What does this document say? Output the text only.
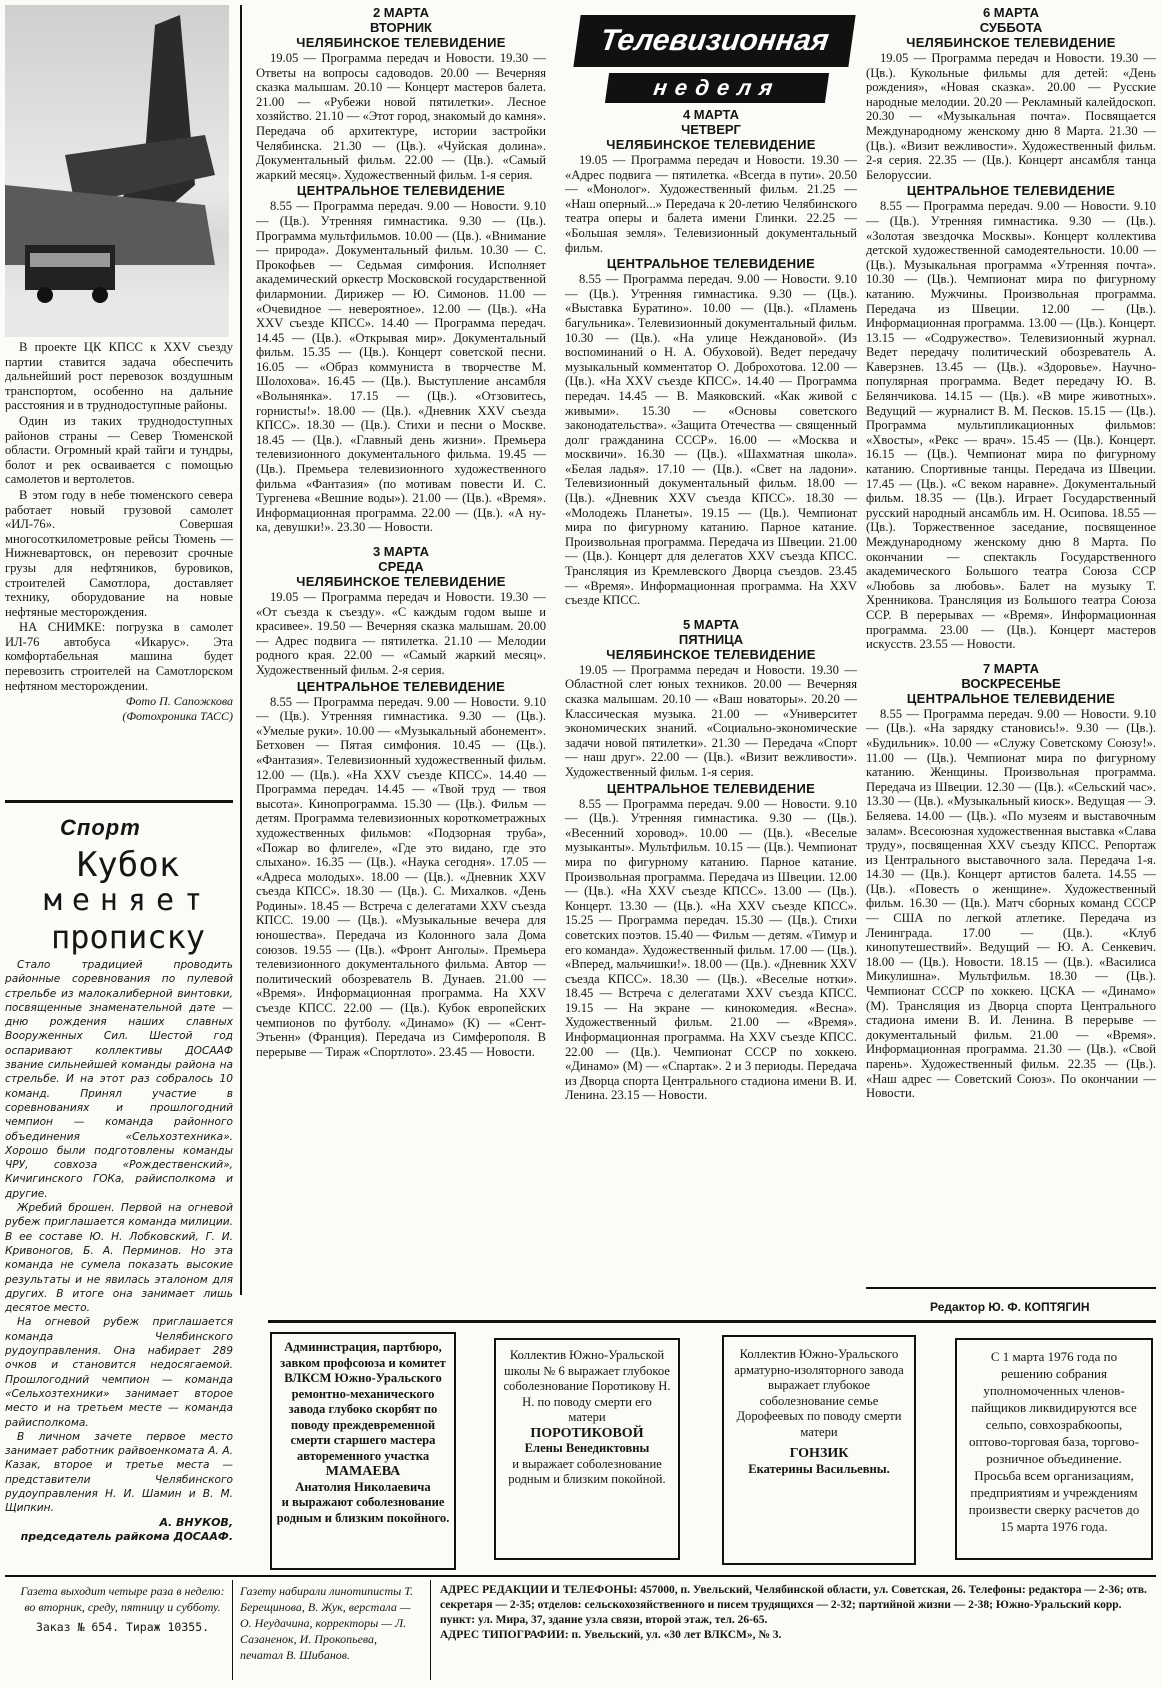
В проекте ЦК КПСС к XXV съезду партии ставится задача обеспечить дальнейший рост перевозок воздушным транспортом, особенно на дальние расстояния и в труднодоступные районы.

Один из таких труднодоступных районов страны — Север Тюменской области. Огромный край тайги и тундры, болот и рек осваивается с помощью самолетов и вертолетов.

В этом году в небе тюменского севера работает новый грузовой самолет «ИЛ-76». Совершая многосоткилометровые рейсы Тюмень — Нижневартовск, он перевозит срочные грузы для нефтяников, буровиков, строителей Самотлора, доставляет технику, оборудование на новые нефтяные месторождения.

НА СНИМКЕ: погрузка в самолет ИЛ-76 автобуса «Икарус». Эта комфортабельная машина будет перевозить строителей на Самотлорском нефтяном месторождении.

Фото П. Сапожкова
(Фотохроника ТАСС)
Спорт
Кубок
меняет
прописку

Стало традицией проводить районные соревнования по пулевой стрельбе из малокалиберной винтовки, посвященные знаменательной дате — дню рождения наших славных Вооруженных Сил. Шестой год оспаривают коллективы ДОСААФ звание сильнейшей команды района на стрельбе. И на этот раз собралось 10 команд. Принял участие в соревнованиях и прошлогодний чемпион — команда районного объединения «Сельхозтехника». Хорошо были подготовлены команды ЧРУ, совхоза «Рождественский», Кичигинского ГОКа, райисполкома и другие.

Жребий брошен. Первой на огневой рубеж приглашается команда милиции. В ее составе Ю. Н. Лобковский, Г. И. Кривоногов, Б. А. Перминов. Но эта команда не сумела показать высокие результаты и не явилась эталоном для других. В итоге она занимает лишь десятое место.

На огневой рубеж приглашается команда Челябинского рудоуправления. Она набирает 289 очков и становится недосягаемой. Прошлогодний чемпион — команда «Сельхозтехники» занимает второе место и на третьем месте — команда райисполкома.

В личном зачете первое место занимает работник райвоенкомата А. А. Казак, второе и третье места — представители Челябинского рудоуправления Н. И. Шамин и В. М. Щипкин.

А. ВНУКОВ,
председатель райкома ДОСААФ.
2 МАРТА
ВТОРНИК
ЧЕЛЯБИНСКОЕ ТЕЛЕВИДЕНИЕ

19.05 — Программа передач и Новости. 19.30 — Ответы на вопросы садоводов. 20.00 — Вечерняя сказка малышам. 20.10 — Концерт мастеров балета. 21.00 — «Рубежи новой пятилетки». Лесное хозяйство. 21.10 — «Этот город, знакомый до камня». Передача об архитектуре, истории застройки Челябинска. 21.30 — (Цв.). «Чуйская долина». Документальный фильм. 22.00 — (Цв.). «Самый жаркий месяц». Художественный фильм. 1-я серия.

ЦЕНТРАЛЬНОЕ ТЕЛЕВИДЕНИЕ

8.55 — Программа передач. 9.00 — Новости. 9.10 — (Цв.). Утренняя гимнастика. 9.30 — (Цв.). Программа мультфильмов. 10.00 — (Цв.). «Внимание — природа». Документальный фильм. 10.30 — С. Прокофьев — Седьмая симфония. Исполняет академический оркестр Московской государственной филармонии. Дирижер — Ю. Симонов. 11.00 — «Очевидное — невероятное». 12.00 — (Цв.). «На XXV съезде КПСС». 14.40 — Программа передач. 14.45 — (Цв.). «Открывая мир». Документальный фильм. 15.35 — (Цв.). Концерт советской песни. 16.05 — «Образ коммуниста в творчестве М. Шолохова». 16.45 — (Цв.). Выступление ансамбля «Волынянка». 17.15 — (Цв.). «Отзовитесь, горнисты!». 18.00 — (Цв.). «Дневник XXV съезда КПСС». 18.30 — (Цв.). Стихи и песни о Москве. 18.45 — (Цв.). «Главный день жизни». Премьера телевизионного документального фильма. 19.45 — (Цв.). Премьера телевизионного художественного фильма «Фантазия» (по мотивам повести И. С. Тургенева «Вешние воды»). 21.00 — (Цв.). «Время». Информационная программа. 22.00 — (Цв.). «А ну-ка, девушки!». 23.30 — Новости.

3 МАРТА
СРЕДА
ЧЕЛЯБИНСКОЕ ТЕЛЕВИДЕНИЕ

19.05 — Программа передач и Новости. 19.30 — «От съезда к съезду». «С каждым годом выше и красивее». 19.50 — Вечерняя сказка малышам. 20.00 — Адрес подвига — пятилетка. 21.10 — Мелодии родного края. 22.00 — «Самый жаркий месяц». Художественный фильм. 2-я серия.

ЦЕНТРАЛЬНОЕ ТЕЛЕВИДЕНИЕ

8.55 — Программа передач. 9.00 — Новости. 9.10 — (Цв.). Утренняя гимнастика. 9.30 — (Цв.). «Умелые руки». 10.00 — «Музыкальный абонемент». Бетховен — Пятая симфония. 10.45 — (Цв.). «Фантазия». Телевизионный художественный фильм. 12.00 — (Цв.). «На XXV съезде КПСС». 14.40 — Программа передач. 14.45 — «Твой труд — твоя высота». Кинопрограмма. 15.30 — (Цв.). Фильм — детям. Программа телевизионных короткометражных художественных фильмов: «Подзорная труба», «Пожар во флигеле», «Где это видано, где это слыхано». 16.35 — (Цв.). «Наука сегодня». 17.05 — «Адреса молодых». 18.00 — (Цв.). «Дневник XXV съезда КПСС». 18.30 — (Цв.). С. Михалков. «День Родины». 18.45 — Встреча с делегатами XXV съезда КПСС. 19.00 — (Цв.). «Музыкальные вечера для юношества». Передача из Колонного зала Дома союзов. 19.55 — (Цв.). «Фронт Анголы». Премьера телевизионного документального фильма. Автор — политический обозреватель В. Дунаев. 21.00 — «Время». Информационная программа. На XXV съезде КПСС. 22.00 — (Цв.). Кубок европейских чемпионов по футболу. «Динамо» (К) — «Сент-Этьенн» (Франция). Передача из Симферополя. В перерыве — Тираж «Спортлото». 23.45 — Новости.

Телевизионная
неделя
4 МАРТА
ЧЕТВЕРГ
ЧЕЛЯБИНСКОЕ ТЕЛЕВИДЕНИЕ

19.05 — Программа передач и Новости. 19.30 — «Адрес подвига — пятилетка. «Всегда в пути». 20.50 — «Монолог». Художественный фильм. 21.25 — «Наш оперный...» Передача к 20-летию Челябинского театра оперы и балета имени Глинки. 22.25 — «Большая земля». Телевизионный документальный фильм.

ЦЕНТРАЛЬНОЕ ТЕЛЕВИДЕНИЕ

8.55 — Программа передач. 9.00 — Новости. 9.10 — (Цв.). Утренняя гимнастика. 9.30 — (Цв.). «Выставка Буратино». 10.00 — (Цв.). «Пламень багульника». Телевизионный документальный фильм. 10.30 — (Цв.). «На улице Неждановой». (Из воспоминаний о Н. А. Обуховой). Ведет передачу музыкальный комментатор О. Доброхотова. 12.00 — (Цв.). «На XXV съезде КПСС». 14.40 — Программа передач. 14.45 — В. Маяковский. «Как живой с живыми». 15.30 — «Основы советского законодательства». «Защита Отечества — священный долг гражданина СССР». 16.00 — «Москва и москвичи». 16.30 — (Цв.). «Шахматная школа». «Белая ладья». 17.10 — (Цв.). «Свет на ладони». Телевизионный документальный фильм. 18.00 — (Цв.). «Дневник XXV съезда КПСС». 18.30 — «Молодежь Планеты». 19.15 — (Цв.). Чемпионат мира по фигурному катанию. Парное катание. Произвольная программа. Передача из Швеции. 21.00 — (Цв.). Концерт для делегатов XXV съезда КПСС. Трансляция из Кремлевского Дворца съездов. 23.45 — «Время». Информационная программа. На XXV съезде КПСС.

5 МАРТА
ПЯТНИЦА
ЧЕЛЯБИНСКОЕ ТЕЛЕВИДЕНИЕ

19.05 — Программа передач и Новости. 19.30 — Областной слет юных техников. 20.00 — Вечерняя сказка малышам. 20.10 — «Ваш новаторы». 20.20 — Классическая музыка. 21.00 — «Университет экономических знаний. «Социально-экономические задачи новой пятилетки». 21.30 — Передача «Спорт — наш друг». 22.00 — (Цв.). «Визит вежливости». Художественный фильм. 1-я серия.

ЦЕНТРАЛЬНОЕ ТЕЛЕВИДЕНИЕ

8.55 — Программа передач. 9.00 — Новости. 9.10 — (Цв.). Утренняя гимнастика. 9.30 — (Цв.). «Весенний хоровод». 10.00 — (Цв.). «Веселые музыканты». Мультфильм. 10.15 — (Цв.). Чемпионат мира по фигурному катанию. Парное катание. Произвольная программа. Передача из Швеции. 12.00 — (Цв.). «На XXV съезде КПСС». 13.00 — (Цв.). Концерт. 13.30 — (Цв.). «На XXV съезде КПСС». 15.25 — Программа передач. 15.30 — (Цв.). Стихи советских поэтов. 15.40 — Фильм — детям. «Тимур и его команда». Художественный фильм. 17.00 — (Цв.). «Вперед, мальчишки!». 18.00 — (Цв.). «Дневник XXV съезда КПСС». 18.30 — (Цв.). «Веселые нотки». 18.45 — Встреча с делегатами XXV съезда КПСС. 19.15 — На экране — кинокомедия. «Весна». Художественный фильм. 21.00 — «Время». Информационная программа. На XXV съезде КПСС. 22.00 — (Цв.). Чемпионат СССР по хоккею. «Динамо» (М) — «Спартак». 2 и 3 периоды. Передача из Дворца спорта Центрального стадиона имени В. И. Ленина. 23.15 — Новости.

6 МАРТА
СУББОТА
ЧЕЛЯБИНСКОЕ ТЕЛЕВИДЕНИЕ

19.05 — Программа передач и Новости. 19.30 — (Цв.). Кукольные фильмы для детей: «День рождения», «Новая сказка». 20.00 — Русские народные мелодии. 20.20 — Рекламный калейдоскоп. 20.30 — «Музыкальная почта». Посвящается Международному женскому дню 8 Марта. 21.30 — (Цв.). «Визит вежливости». Художественный фильм. 2-я серия. 22.35 — (Цв.). Концерт ансамбля танца Белоруссии.

ЦЕНТРАЛЬНОЕ ТЕЛЕВИДЕНИЕ

8.55 — Программа передач. 9.00 — Новости. 9.10 — (Цв.). Утренняя гимнастика. 9.30 — (Цв.). «Золотая звездочка Москвы». Концерт коллектива детской художественной самодеятельности. 10.00 — (Цв.). Музыкальная программа «Утренняя почта». 10.30 — (Цв.). Чемпионат мира по фигурному катанию. Мужчины. Произвольная программа. Передача из Швеции. 12.00 — (Цв.). Информационная программа. 13.00 — (Цв.). Концерт. 13.15 — «Содружество». Телевизионный журнал. Ведет передачу политический обозреватель А. Каверзнев. 13.45 — (Цв.). «Здоровье». Научно-популярная программа. Ведет передачу Ю. В. Белянчикова. 14.15 — (Цв.). «В мире животных». Ведущий — журналист В. М. Песков. 15.15 — (Цв.). Программа мультипликационных фильмов: «Хвосты», «Рекс — врач». 15.45 — (Цв.). Концерт. 16.15 — (Цв.). Чемпионат мира по фигурному катанию. Спортивные танцы. Передача из Швеции. 17.45 — (Цв.). «С веком наравне». Документальный фильм. 18.35 — (Цв.). Играет Государственный русский народный ансамбль им. Н. Осипова. 18.55 — (Цв.). Торжественное заседание, посвященное Международному женскому дню 8 Марта. По окончании — спектакль Государственного академического Большого театра Союза ССР «Любовь за любовь». Балет на музыку Т. Хренникова. Трансляция из Большого театра Союза ССР. В перерывах — «Время». Информационная программа. 23.00 — (Цв.). Концерт мастеров искусств. 23.55 — Новости.

7 МАРТА
ВОСКРЕСЕНЬЕ
ЦЕНТРАЛЬНОЕ ТЕЛЕВИДЕНИЕ

8.55 — Программа передач. 9.00 — Новости. 9.10 — (Цв.). «На зарядку становись!». 9.30 — (Цв.). «Будильник». 10.00 — «Служу Советскому Союзу!». 11.00 — (Цв.). Чемпионат мира по фигурному катанию. Женщины. Произвольная программа. Передача из Швеции. 12.30 — (Цв.). «Сельский час». 13.30 — (Цв.). «Музыкальный киоск». Ведущая — Э. Беляева. 14.00 — (Цв.). «По музеям и выставочным залам». Всесоюзная художественная выставка «Слава труду», посвященная XXV съезду КПСС. Репортаж из Центрального выставочного зала. Передача 1-я. 14.30 — (Цв.). Концерт артистов балета. 14.55 — (Цв.). «Повесть о женщине». Художественный фильм. 16.30 — (Цв.). Матч сборных команд СССР — США по легкой атлетике. Передача из Ленинграда. 17.00 — (Цв.). «Клуб кинопутешествий». Ведущий — Ю. А. Сенкевич. 18.00 — (Цв.). Новости. 18.15 — (Цв.). «Василиса Микулишна». Мультфильм. 18.30 — (Цв.). Чемпионат СССР по хоккею. ЦСКА — «Динамо» (М). Трансляция из Дворца спорта Центрального стадиона имени В. И. Ленина. В перерыве — документальный фильм. 21.00 — «Время». Информационная программа. 21.30 — (Цв.). «Свой парень». Художественный фильм. 22.35 — (Цв.). «Наш адрес — Советский Союз». По окончании — Новости.

Редактор Ю. Ф. КОПТЯГИН
Администрация, партбюро, завком профсоюза и комитет ВЛКСМ Южно-Уральского ремонтно-механического завода глубоко скорбят по поводу преждевременной смерти старшего мастера автоременного участка
МАМАЕВА
Анатолия Николаевича
и выражают соболезнование родным и близким покойного.
Коллектив Южно-Уральской школы № 6 выражает глубокое соболезнование Поротикову Н. Н. по поводу смерти его матери
ПОРОТИКОВОЙ
Елены Венедиктовны
и выражает соболезнование родным и близким покойной.
Коллектив Южно-Уральского арматурно-изоляторного завода выражает глубокое соболезнование семье Дорофеевых по поводу смерти матери
ГОНЗИК
Екатерины Васильевны.
С 1 марта 1976 года по решению собрания уполномоченных членов-пайщиков ликвидируются все сельпо, совхозрабкоопы, оптово-торговая база, торгово-розничное объединение. Просьба всем организациям, предприятиям и учреждениям произвести сверку расчетов до 15 марта 1976 года.
Газета выходит четыре раза в неделю: во вторник, среду, пятницу и субботу.
Заказ № 654. Тираж 10355.
Газету набирали линотиписты Т. Берещинова, В. Жук, верстала — О. Неудачина, корректоры — Л. Сазаненок, И. Прокопьева, печатал В. Шибанов.
АДРЕС РЕДАКЦИИ И ТЕЛЕФОНЫ: 457000, п. Увельский, Челябинской области, ул. Советская, 26. Телефоны: редактора — 2-36; отв. секретаря — 2-35; отделов: сельскохозяйственного и писем трудящихся — 2-32; партийной жизни — 2-38; Южно-Уральский корр. пункт: ул. Мира, 37, здание узла связи, второй этаж, тел. 26-65.
АДРЕС ТИПОГРАФИИ: п. Увельский, ул. «30 лет ВЛКСМ», № 3.
